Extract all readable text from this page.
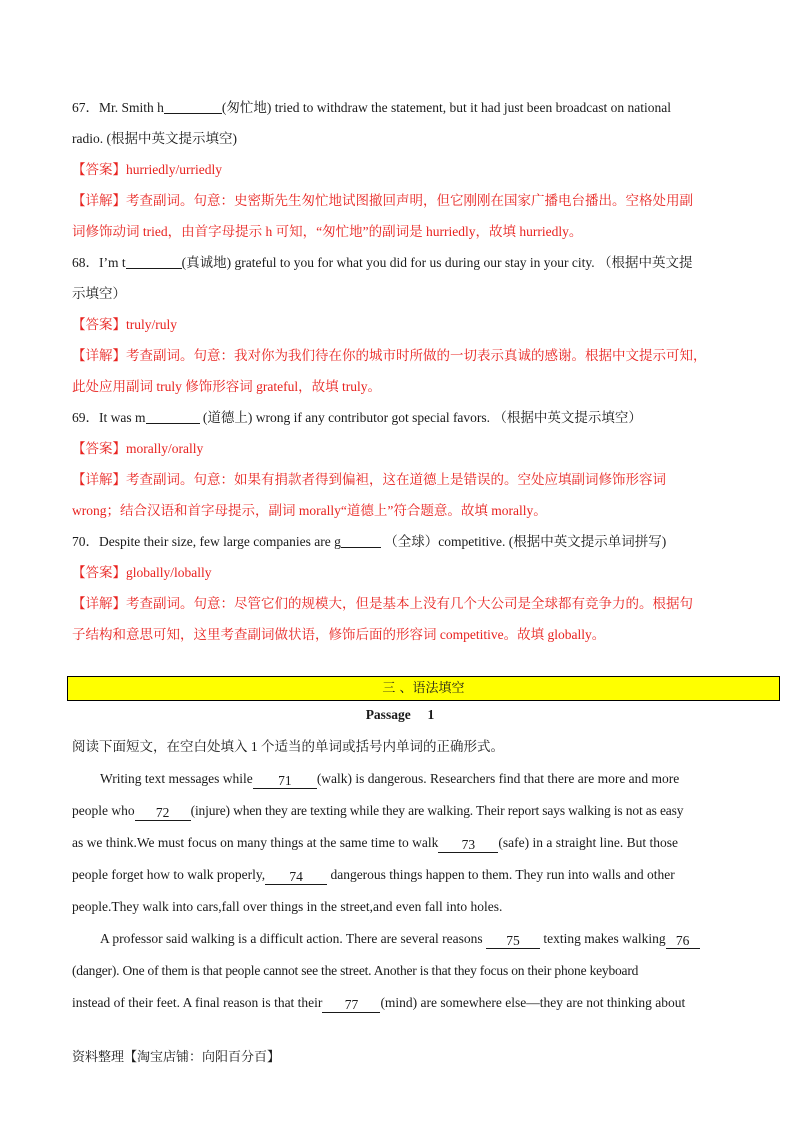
67．Mr. Smith h	(匆忙地) tried to withdraw the statement, but it had just been broadcast on national
radio. (根据中英文提示填空)
【答案】hurriedly/urriedly
【详解】考查副词。句意：史密斯先生匆忙地试图撤回声明，但它刚刚在国家广播电台播出。空格处用副
词修饰动词 tried，由首字母提示 h 可知，“匆忙地”的副词是 hurriedly，故填 hurriedly。
68．I’m t	(真诚地) grateful to you for what you did for us during our stay in your city. （根据中英文提
示填空）
【答案】truly/ruly
【详解】考查副词。句意：我对你为我们待在你的城市时所做的一切表示真诚的感谢。根据中文提示可知，
此处应用副词 truly 修饰形容词 grateful，故填 truly。
69．It was m	(道德上) wrong if any contributor got special favors. （根据中英文提示填空）
【答案】morally/orally
【详解】考查副词。句意：如果有捐款者得到偏袒，这在道德上是错误的。空处应填副词修饰形容词
wrong；结合汉语和首字母提示，副词 morally“道德上”符合题意。故填 morally。
70．Despite their size, few large companies are g	（全球）competitive. (根据中英文提示单词拼写)
【答案】globally/lobally
【详解】考查副词。句意：尽管它们的规模大，但是基本上没有几个大公司是全球都有竞争力的。根据句
子结构和意思可知，这里考查副词做状语，修饰后面的形容词 competitive。故填 globally。
三 、语法填空
Passage　 1
阅读下面短文，在空白处填入 1 个适当的单词或括号内单词的正确形式。
Writing text messages while 71 (walk) is dangerous. Researchers find that there are more and more
people who 72 (injure) when they are texting while they are walking. Their report says walking is not as easy
as we think.We must focus on many things at the same time to walk 73 (safe) in a straight line. But those
people forget how to walk properly, 74 dangerous things happen to them. They run into walls and other
people.They walk into cars,fall over things in the street,and even fall into holes.
A professor said walking is a difficult action. There are several reasons 75 texting makes walking 76
(danger). One of them is that people cannot see the street. Another is that they focus on their phone keyboard
instead of their feet. A final reason is that their 77 (mind) are somewhere else—they are not thinking about
资料整理【淘宝店铺：向阳百分百】
